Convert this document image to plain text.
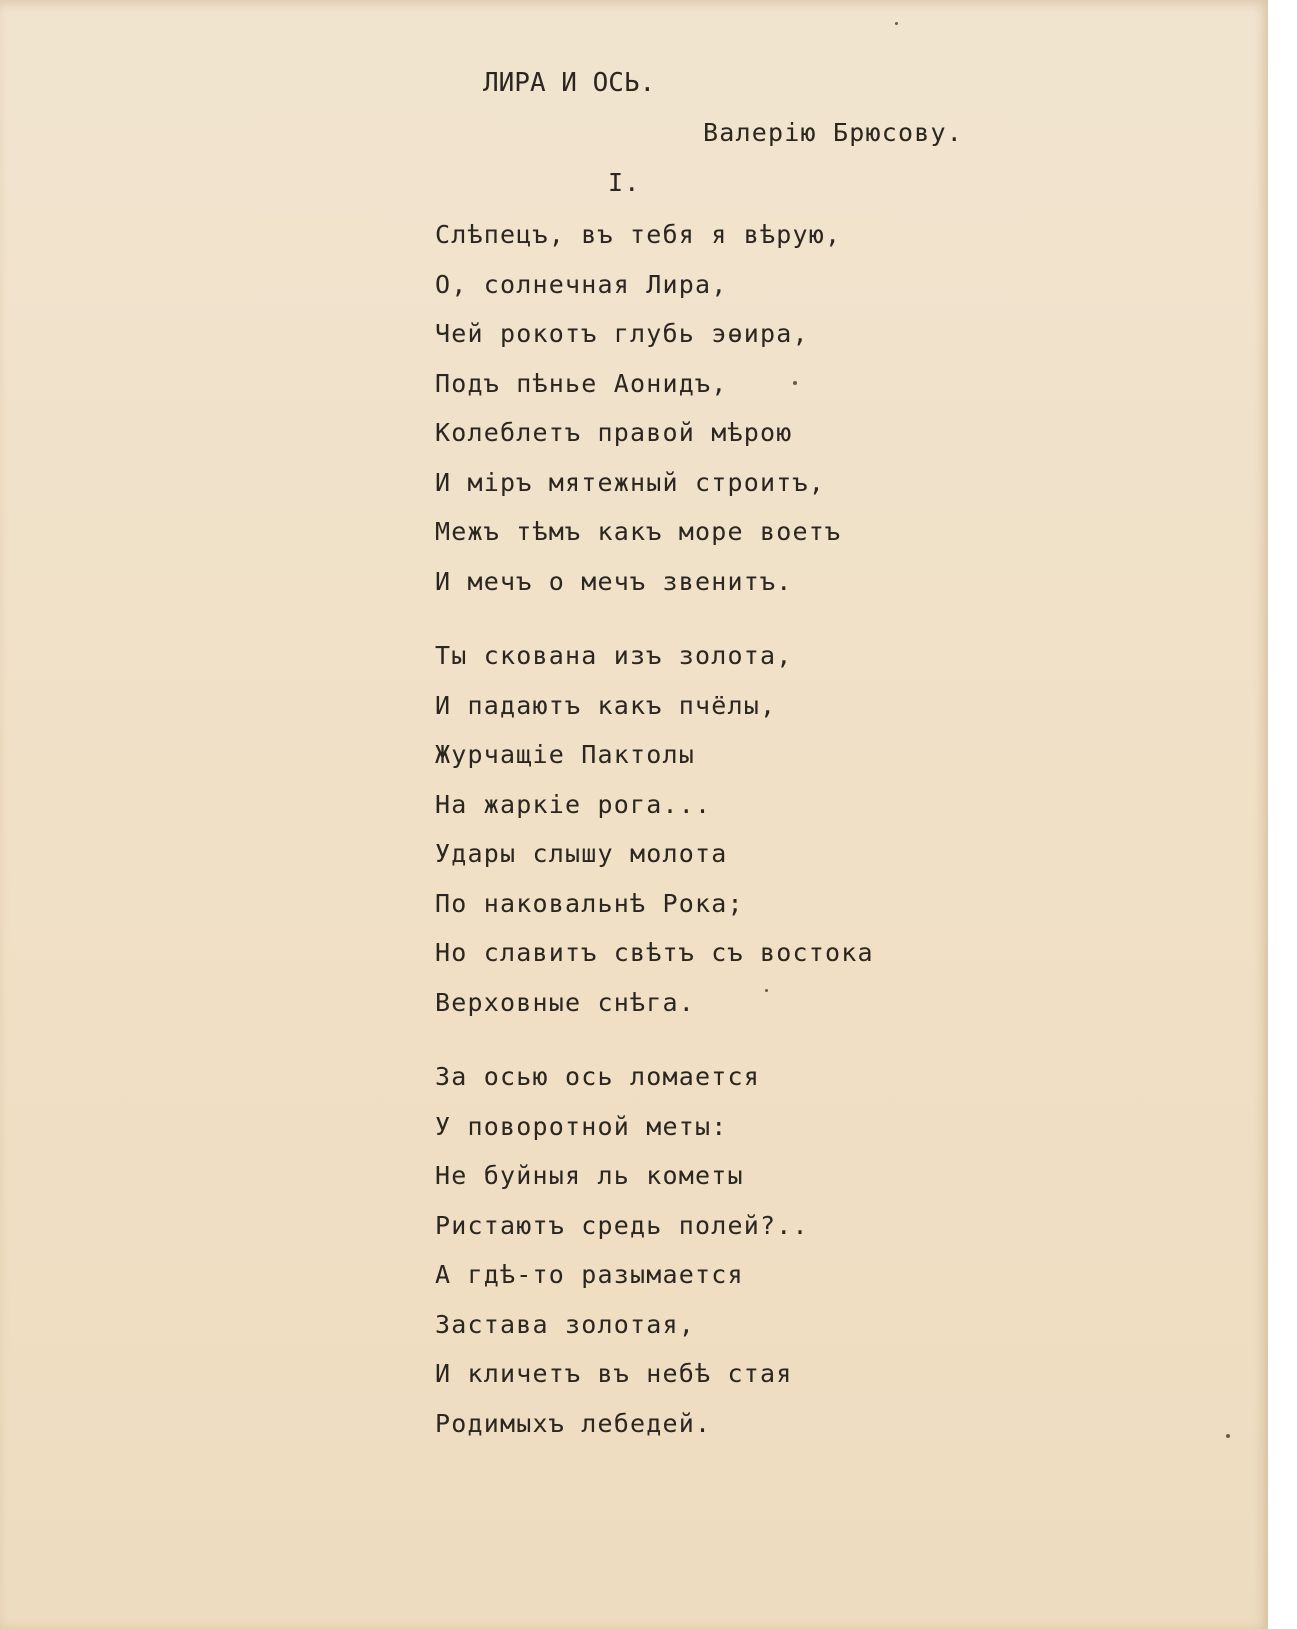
ЛИРА И ОСЬ.
Валерію Брюсову.
I.
Слѣпецъ, въ тебя я вѣрую,
О, солнечная Лира,
Чей рокотъ глубь эѳира,
Подъ пѣнье Аонидъ,
Колеблетъ правой мѣрою
И міръ мятежный строитъ,
Межъ тѣмъ какъ море воетъ
И мечъ о мечъ звенитъ.
Ты скована изъ золота,
И падаютъ какъ пчёлы,
Журчащіе Пактолы
На жаркіе рога...
Удары слышу молота
По наковальнѣ Рока;
Но славитъ свѣтъ съ востока
Верховные снѣга.
За осью ось ломается
У поворотной меты:
Не буйныя ль кометы
Ристаютъ средь полей?..
А гдѣ-то разымается
Застава золотая,
И кличетъ въ небѣ стая
Родимыхъ лебедей.
